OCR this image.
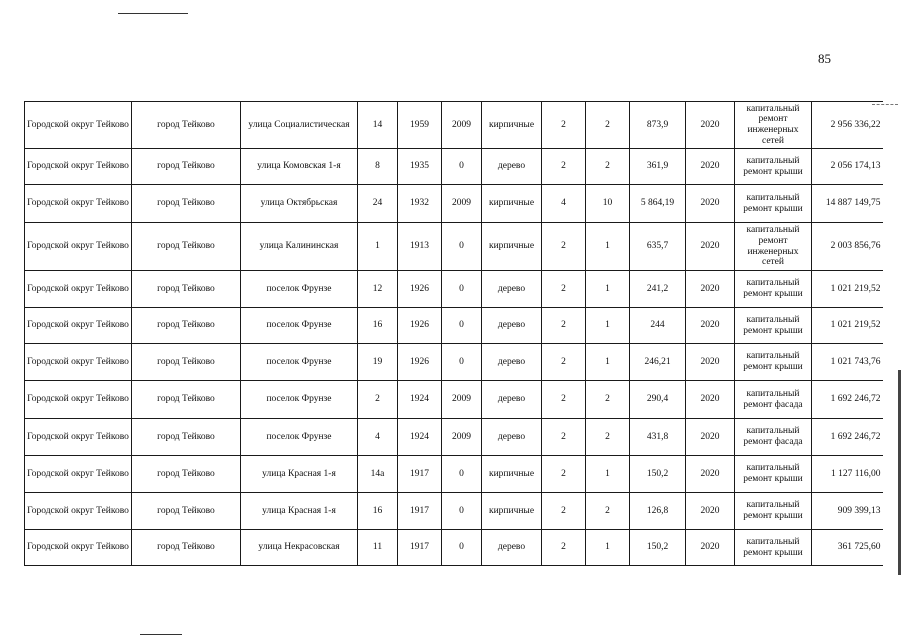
85
Городской округ Тейково	город Тейково	улица Социалистическая	14	1959	2009	кирпичные	2	2	873,9	2020	капитальный ремонт инженерных сетей	2 956 336,22
Городской округ Тейково	город Тейково	улица Комовская 1-я	8	1935	0	дерево	2	2	361,9	2020	капитальный ремонт крыши	2 056 174,13
Городской округ Тейково	город Тейково	улица Октябрьская	24	1932	2009	кирпичные	4	10	5 864,19	2020	капитальный ремонт крыши	14 887 149,75
Городской округ Тейково	город Тейково	улица Калининская	1	1913	0	кирпичные	2	1	635,7	2020	капитальный ремонт инженерных сетей	2 003 856,76
Городской округ Тейково	город Тейково	поселок Фрунзе	12	1926	0	дерево	2	1	241,2	2020	капитальный ремонт крыши	1 021 219,52
Городской округ Тейково	город Тейково	поселок Фрунзе	16	1926	0	дерево	2	1	244	2020	капитальный ремонт крыши	1 021 219,52
Городской округ Тейково	город Тейково	поселок Фрунзе	19	1926	0	дерево	2	1	246,21	2020	капитальный ремонт крыши	1 021 743,76
Городской округ Тейково	город Тейково	поселок Фрунзе	2	1924	2009	дерево	2	2	290,4	2020	капитальный ремонт фасада	1 692 246,72
Городской округ Тейково	город Тейково	поселок Фрунзе	4	1924	2009	дерево	2	2	431,8	2020	капитальный ремонт фасада	1 692 246,72
Городской округ Тейково	город Тейково	улица Красная 1-я	14а	1917	0	кирпичные	2	1	150,2	2020	капитальный ремонт крыши	1 127 116,00
Городской округ Тейково	город Тейково	улица Красная 1-я	16	1917	0	кирпичные	2	2	126,8	2020	капитальный ремонт крыши	909 399,13
Городской округ Тейково	город Тейково	улица Некрасовская	11	1917	0	дерево	2	1	150,2	2020	капитальный ремонт крыши	361 725,60
